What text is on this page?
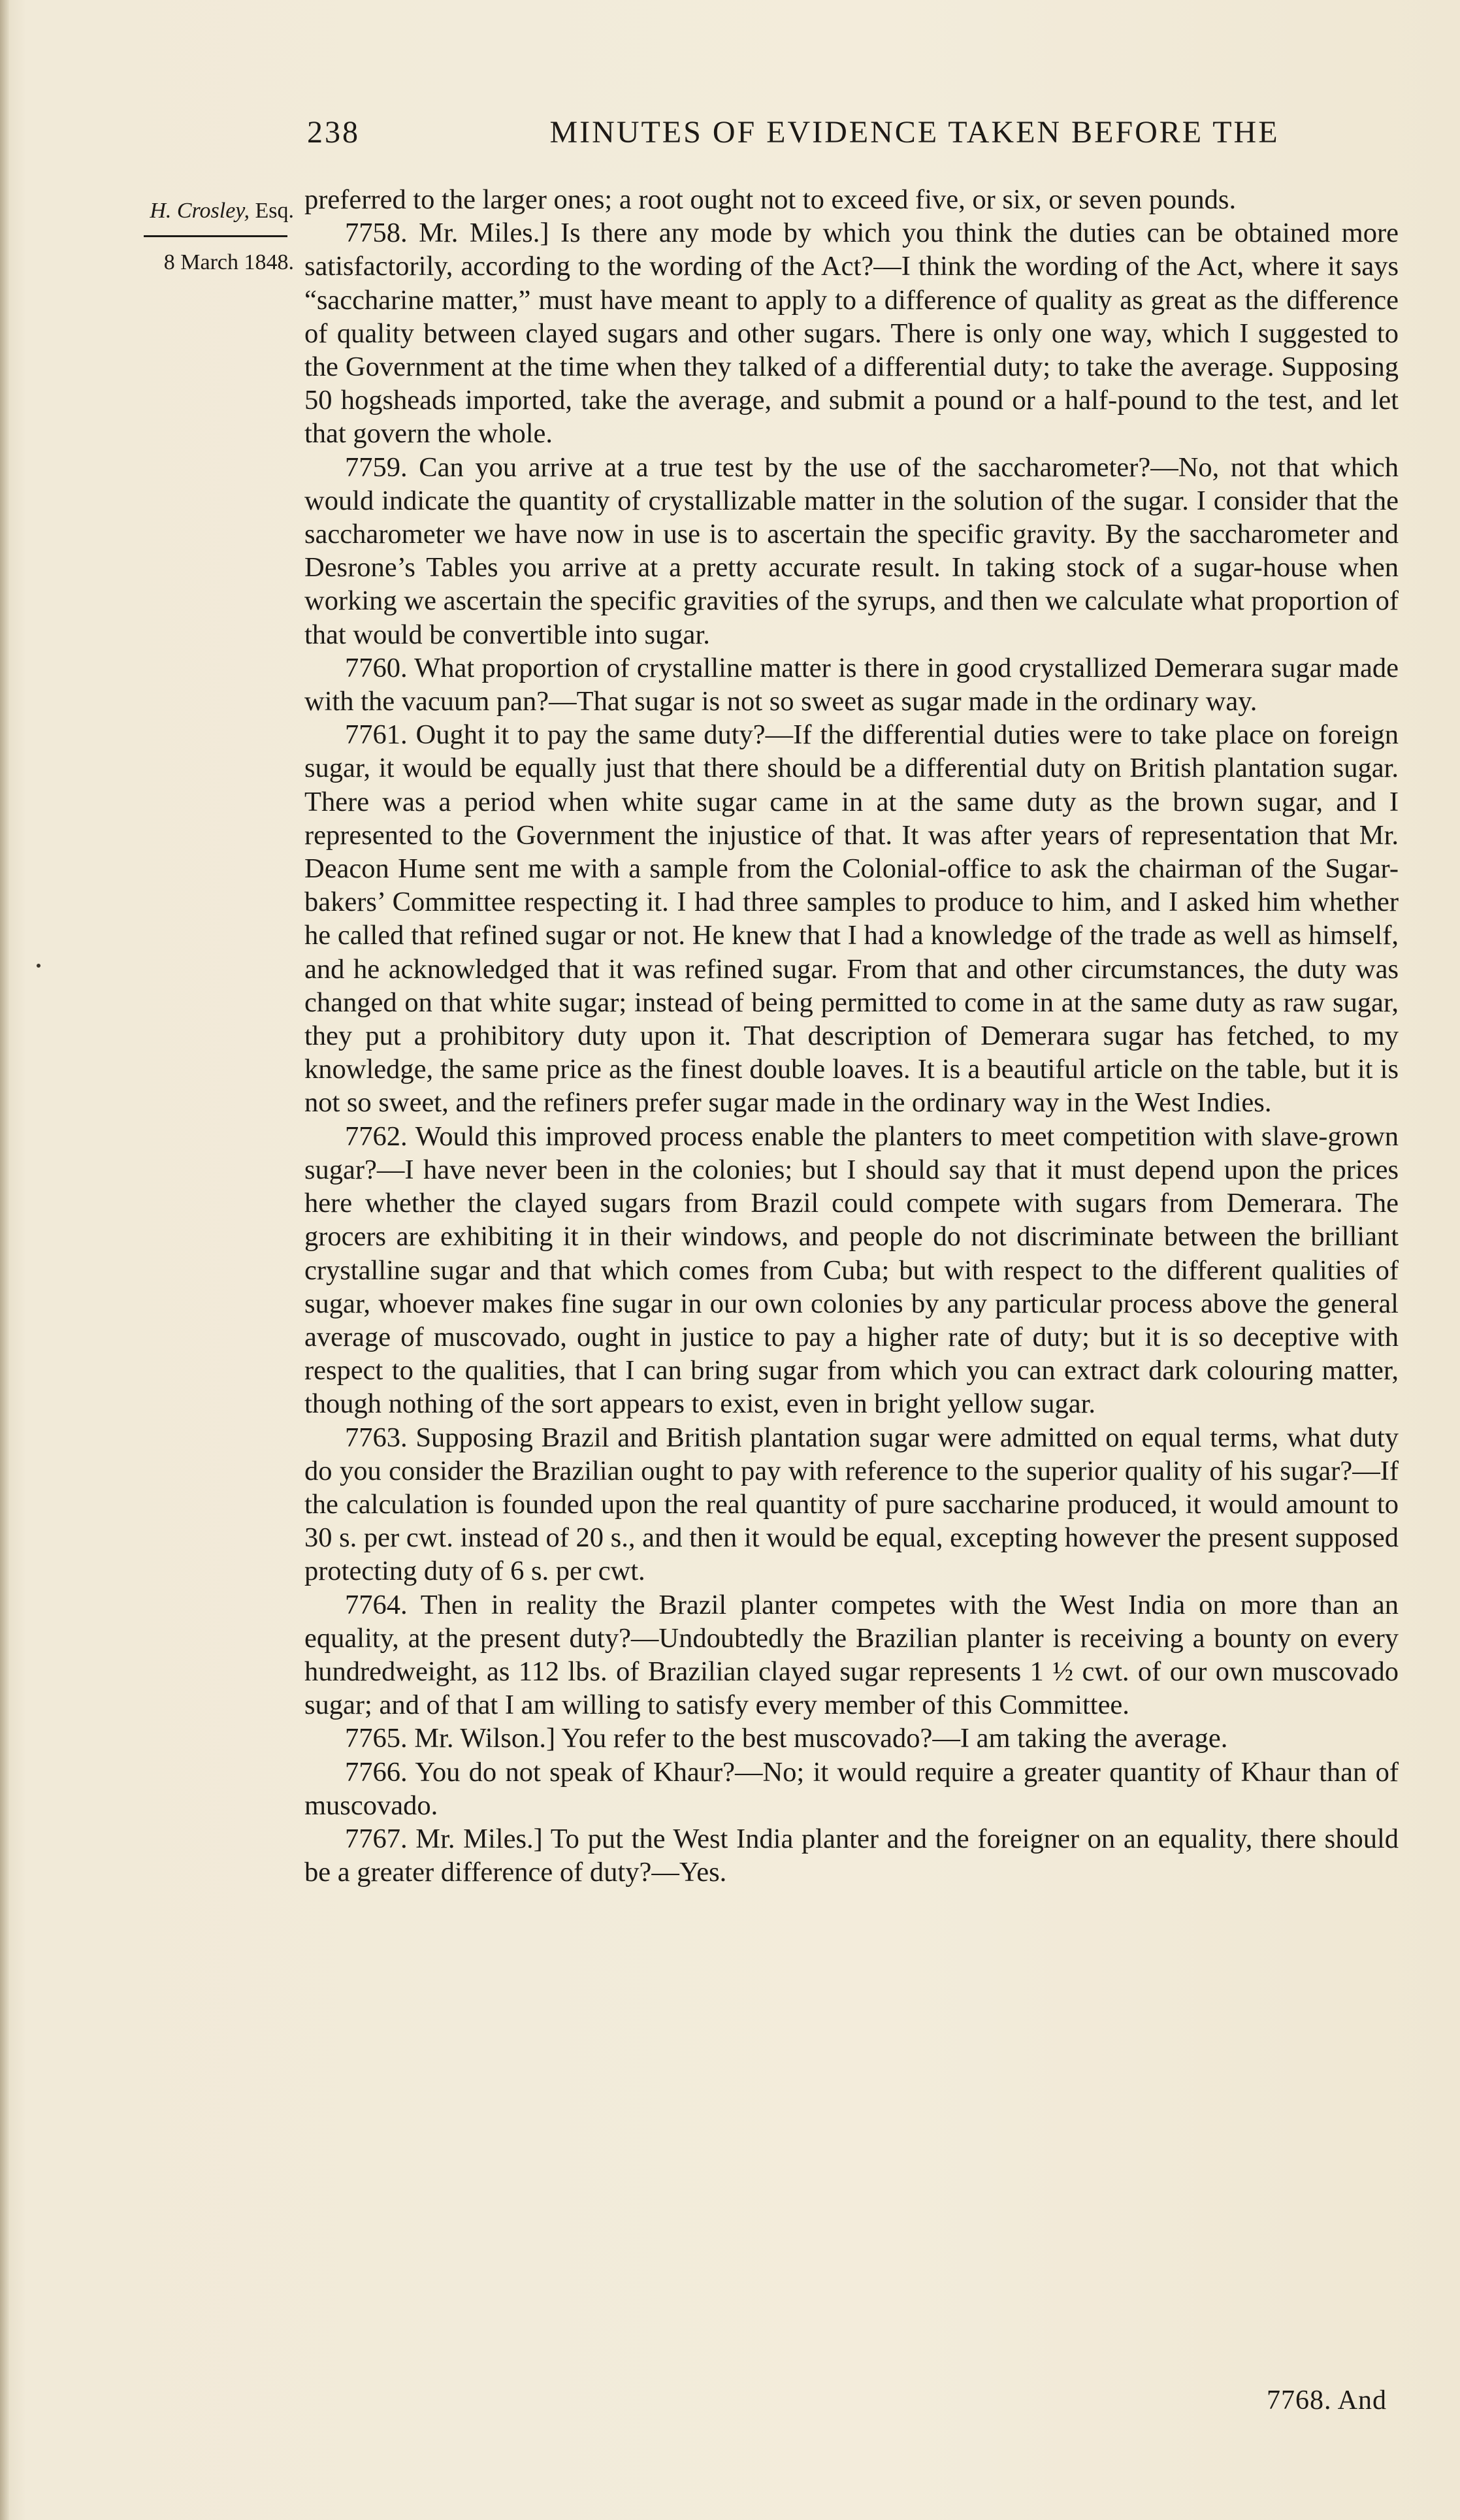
238	MINUTES OF EVIDENCE TAKEN BEFORE THE
H. Crosley, Esq.
8 March 1848.

preferred to the larger ones; a root ought not to exceed five, or six, or seven pounds.

7758. Mr. Miles.] Is there any mode by which you think the duties can be obtained more satisfactorily, according to the wording of the Act?—I think the wording of the Act, where it says “saccharine matter,” must have meant to apply to a difference of quality as great as the difference of quality between clayed sugars and other sugars. There is only one way, which I suggested to the Government at the time when they talked of a differential duty; to take the average. Supposing 50 hogsheads imported, take the average, and submit a pound or a half-pound to the test, and let that govern the whole.

7759. Can you arrive at a true test by the use of the saccharometer?—No, not that which would indicate the quantity of crystallizable matter in the solution of the sugar. I consider that the saccharometer we have now in use is to ascertain the specific gravity. By the saccharometer and Desrone’s Tables you arrive at a pretty accurate result. In taking stock of a sugar-house when working we ascertain the specific gravities of the syrups, and then we calculate what proportion of that would be convertible into sugar.

7760. What proportion of crystalline matter is there in good crystallized Demerara sugar made with the vacuum pan?—That sugar is not so sweet as sugar made in the ordinary way.

7761. Ought it to pay the same duty?—If the differential duties were to take place on foreign sugar, it would be equally just that there should be a differential duty on British plantation sugar. There was a period when white sugar came in at the same duty as the brown sugar, and I represented to the Government the injustice of that. It was after years of representation that Mr. Deacon Hume sent me with a sample from the Colonial-office to ask the chairman of the Sugar-bakers’ Committee respecting it. I had three samples to produce to him, and I asked him whether he called that refined sugar or not. He knew that I had a knowledge of the trade as well as himself, and he acknowledged that it was refined sugar. From that and other circumstances, the duty was changed on that white sugar; instead of being permitted to come in at the same duty as raw sugar, they put a prohibitory duty upon it. That description of Demerara sugar has fetched, to my knowledge, the same price as the finest double loaves. It is a beautiful article on the table, but it is not so sweet, and the refiners prefer sugar made in the ordinary way in the West Indies.

7762. Would this improved process enable the planters to meet competition with slave-grown sugar?—I have never been in the colonies; but I should say that it must depend upon the prices here whether the clayed sugars from Brazil could compete with sugars from Demerara. The grocers are exhibiting it in their windows, and people do not discriminate between the brilliant crystalline sugar and that which comes from Cuba; but with respect to the different qualities of sugar, whoever makes fine sugar in our own colonies by any particular process above the general average of muscovado, ought in justice to pay a higher rate of duty; but it is so deceptive with respect to the qualities, that I can bring sugar from which you can extract dark colouring matter, though nothing of the sort appears to exist, even in bright yellow sugar.

7763. Supposing Brazil and British plantation sugar were admitted on equal terms, what duty do you consider the Brazilian ought to pay with reference to the superior quality of his sugar?—If the calculation is founded upon the real quantity of pure saccharine produced, it would amount to 30 s. per cwt. instead of 20 s., and then it would be equal, excepting however the present supposed protecting duty of 6 s. per cwt.

7764. Then in reality the Brazil planter competes with the West India on more than an equality, at the present duty?—Undoubtedly the Brazilian planter is receiving a bounty on every hundredweight, as 112 lbs. of Brazilian clayed sugar represents 1 ½ cwt. of our own muscovado sugar; and of that I am willing to satisfy every member of this Committee.

7765. Mr. Wilson.] You refer to the best muscovado?—I am taking the average.

7766. You do not speak of Khaur?—No; it would require a greater quantity of Khaur than of muscovado.

7767. Mr. Miles.] To put the West India planter and the foreigner on an equality, there should be a greater difference of duty?—Yes.

7768. And
